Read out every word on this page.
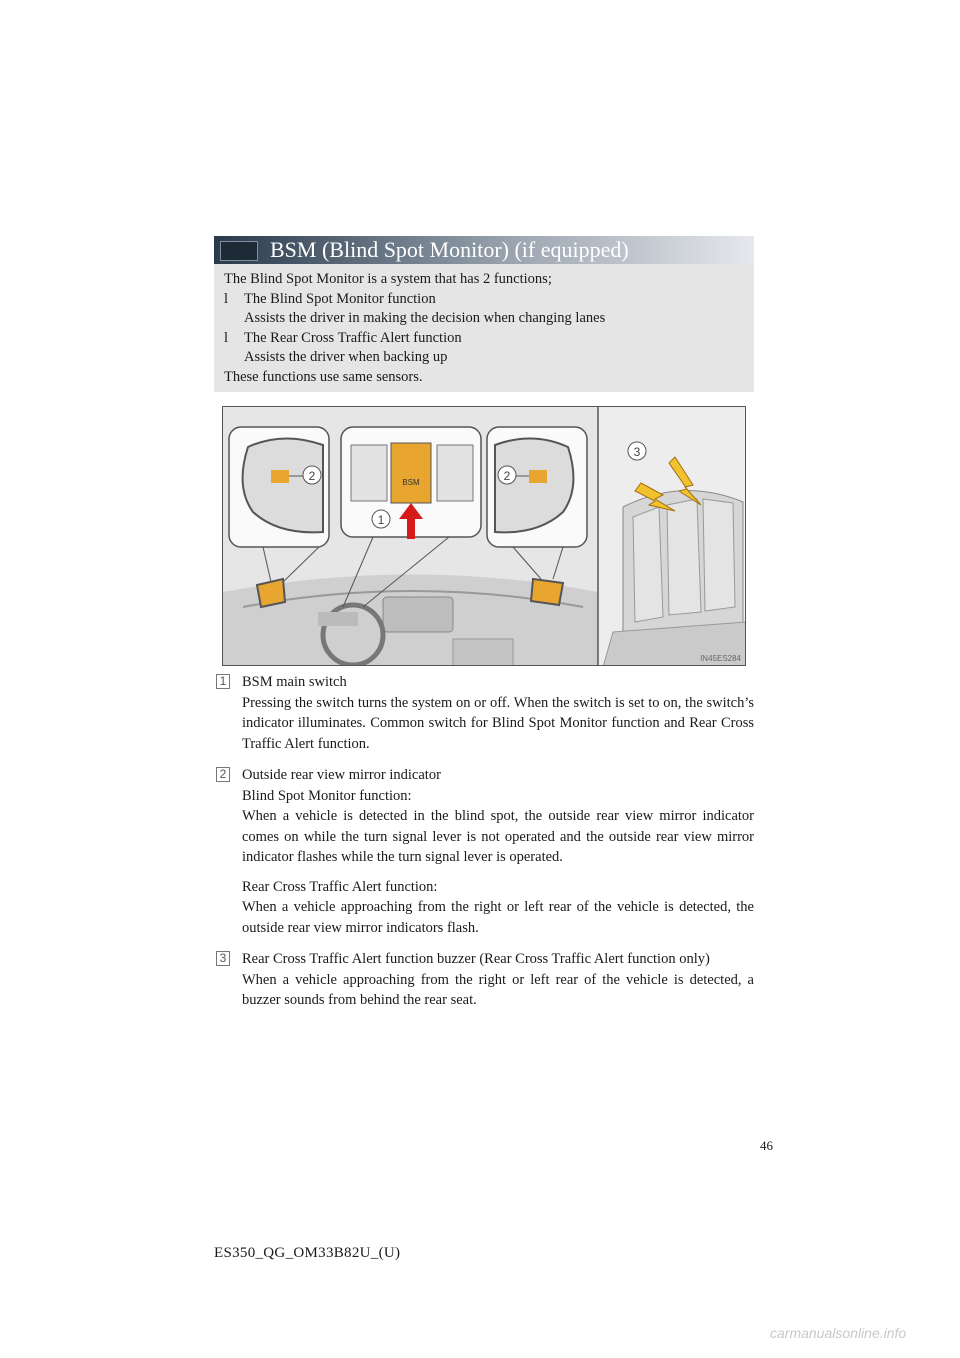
BSM (Blind Spot Monitor) (if equipped)
The Blind Spot Monitor is a system that has 2 functions;
l The Blind Spot Monitor function
Assists the driver in making the decision when changing lanes
l The Rear Cross Traffic Alert function
Assists the driver when backing up
These functions use same sensors.
2	BSM
1
2
3
IN45ES284
1 BSM main switch

Pressing the switch turns the system on or off. When the switch is set to on, the switch’s indicator illuminates. Common switch for Blind Spot Monitor function and Rear Cross Traffic Alert function.

2 Outside rear view mirror indicator

Blind Spot Monitor function:

When a vehicle is detected in the blind spot, the outside rear view mirror indicator comes on while the turn signal lever is not operated and the outside rear view mirror indicator flashes while the turn signal lever is operated.

Rear Cross Traffic Alert function:

When a vehicle approaching from the right or left rear of the vehicle is detected, the outside rear view mirror indicators flash.

3 Rear Cross Traffic Alert function buzzer (Rear Cross Traffic Alert function only)

When a vehicle approaching from the right or left rear of the vehicle is detected, a buzzer sounds from behind the rear seat.

46
ES350_QG_OM33B82U_(U)
carmanualsonline.info
